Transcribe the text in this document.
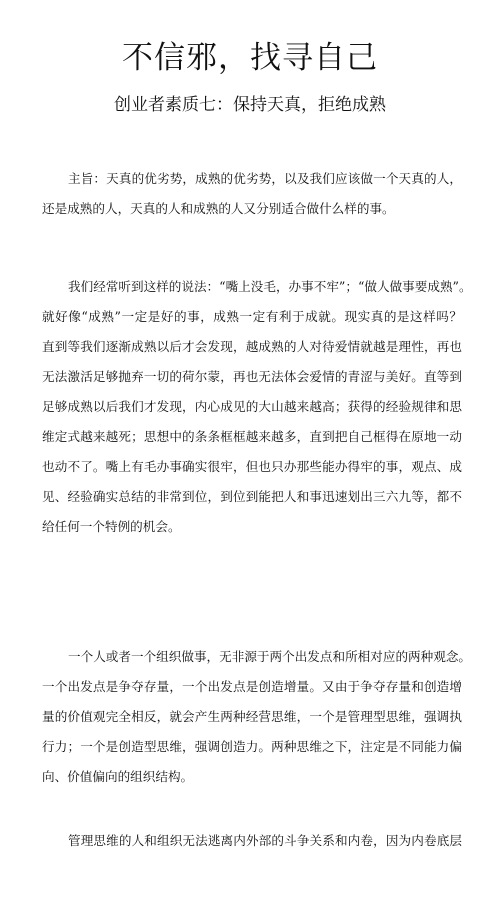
不信邪，找寻自己
创业者素质七：保持天真，拒绝成熟
主旨：天真的优劣势，成熟的优劣势，以及我们应该做一个天真的人，
还是成熟的人，天真的人和成熟的人又分别适合做什么样的事。
我们经常听到这样的说法：“嘴上没毛，办事不牢”；“做人做事要成熟”。
就好像“成熟”一定是好的事，成熟一定有利于成就。现实真的是这样吗？
直到等我们逐渐成熟以后才会发现，越成熟的人对待爱情就越是理性，再也
无法激活足够抛弃一切的荷尔蒙，再也无法体会爱情的青涩与美好。直等到
足够成熟以后我们才发现，内心成见的大山越来越高；获得的经验规律和思
维定式越来越死；思想中的条条框框越来越多，直到把自己框得在原地一动
也动不了。嘴上有毛办事确实很牢，但也只办那些能办得牢的事，观点、成
见、经验确实总结的非常到位，到位到能把人和事迅速划出三六九等，都不
给任何一个特例的机会。
一个人或者一个组织做事，无非源于两个出发点和所相对应的两种观念。
一个出发点是争夺存量，一个出发点是创造增量。又由于争夺存量和创造增
量的价值观完全相反，就会产生两种经营思维，一个是管理型思维，强调执
行力；一个是创造型思维，强调创造力。两种思维之下，注定是不同能力偏
向、价值偏向的组织结构。
管理思维的人和组织无法逃离内外部的斗争关系和内卷，因为内卷底层
